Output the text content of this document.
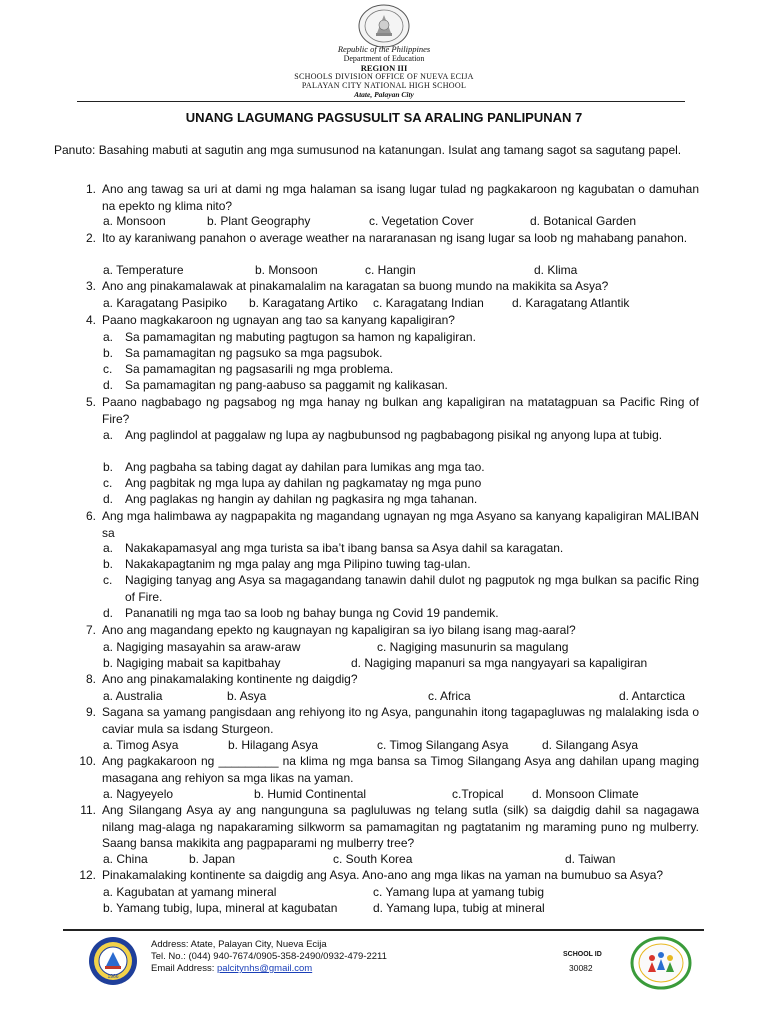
Republic of the Philippines
Department of Education
REGION III
SCHOOLS DIVISION OFFICE OF NUEVA ECIJA
PALAYAN CITY NATIONAL HIGH SCHOOL
Atate, Palayan City
UNANG LAGUMANG PAGSUSULIT SA ARALING PANLIPUNAN 7
Panuto: Basahing mabuti at sagutin ang mga sumusunod na katanungan. Isulat ang tamang sagot sa sagutang papel.
1. Ano ang tawag sa uri at dami ng mga halaman sa isang lugar tulad ng pagkakaroon ng kagubatan o damuhan na epekto ng klima nito?
a. Monsoon	b. Plant Geography	c. Vegetation Cover	d. Botanical Garden
2. Ito ay karaniwang panahon o average weather na nararanasan ng isang lugar sa loob ng mahabang panahon.
a. Temperature	b. Monsoon	c. Hangin	d. Klima
3. Ano ang pinakamalawak at pinakamalalim na karagatan sa buong mundo na makikita sa Asya?
a. Karagatang Pasipiko b. Karagatang Artiko c. Karagatang Indian d. Karagatang Atlantik
4. Paano magkakaroon ng ugnayan ang tao sa kanyang kapaligiran?
a. Sa pamamagitan ng mabuting pagtugon sa hamon ng kapaligiran.
b. Sa pamamagitan ng pagsuko sa mga pagsubok.
c. Sa pamamagitan ng pagsasarili ng mga problema.
d. Sa pamamagitan ng pang-aabuso sa paggamit ng kalikasan.
5. Paano nagbabago ng pagsabog ng mga hanay ng bulkan ang kapaligiran na matatagpuan sa Pacific Ring of Fire?
a. Ang paglindol at paggalaw ng lupa ay nagbubunsod ng pagbabagong pisikal ng anyong lupa at tubig.
b. Ang pagbaha sa tabing dagat ay dahilan para lumikas ang mga tao.
c. Ang pagbitak ng mga lupa ay dahilan ng pagkamatay ng mga puno
d. Ang paglakas ng hangin ay dahilan ng pagkasira ng mga tahanan.
6. Ang mga halimbawa ay nagpapakita ng magandang ugnayan ng mga Asyano sa kanyang kapaligiran MALIBAN sa
a. Nakakapamasyal ang mga turista sa iba’t ibang bansa sa Asya dahil sa karagatan.
b. Nakakapagtanim ng mga palay ang mga Pilipino tuwing tag-ulan.
c. Nagiging tanyag ang Asya sa magagandang tanawin dahil dulot ng pagputok ng mga bulkan sa pacific Ring of Fire.
d. Pananatili ng mga tao sa loob ng bahay bunga ng Covid 19 pandemik.
7. Ano ang magandang epekto ng kaugnayan ng kapaligiran sa iyo bilang isang mag-aaral?
a. Nagiging masayahin sa araw-araw	c. Nagiging masunurin sa magulang
b. Nagiging mabait sa kapitbahay	d. Nagiging mapanuri sa mga nangyayari sa kapaligiran
8. Ano ang pinakamalaking kontinente ng daigdig?
a. Australia	b. Asya	c. Africa	d. Antarctica
9. Sagana sa yamang pangisdaan ang rehiyong ito ng Asya, pangunahin itong tagapagluwas ng malalaking isda o caviar mula sa isdang Sturgeon.
a. Timog Asya	b. Hilagang Asya	c. Timog Silangang Asya	d. Silangang Asya
10. Ang pagkakaroon ng _________ na klima ng mga bansa sa Timog Silangang Asya ang dahilan upang maging masagana ang rehiyon sa mga likas na yaman.
a. Nagyeyelo	b. Humid Continental	c.Tropical d. Monsoon Climate
11. Ang Silangang Asya ay ang nangunguna sa pagluluwas ng telang sutla (silk) sa daigdig dahil sa nagagawa nilang mag-alaga ng napakaraming silkworm sa pamamagitan ng pagtatanim ng maraming puno ng mulberry. Saang bansa makikita ang pagpaparami ng mulberry tree?
a. China	b. Japan	c. South Korea	d. Taiwan
12. Pinakamalaking kontinente sa daigdig ang Asya. Ano-ano ang mga likas na yaman na bumubuo sa Asya?
a. Kagubatan at yamang mineral	c. Yamang lupa at yamang tubig
b. Yamang tubig, lupa, mineral at kagubatan	d. Yamang lupa, tubig at mineral
1966
Address: Atate, Palayan City, Nueva Ecija
Tel. No.: (044) 940-7674/0905-358-2490/0932-479-2211
Email Address: palcitynhs@gmail.com
SCHOOL ID
30082
